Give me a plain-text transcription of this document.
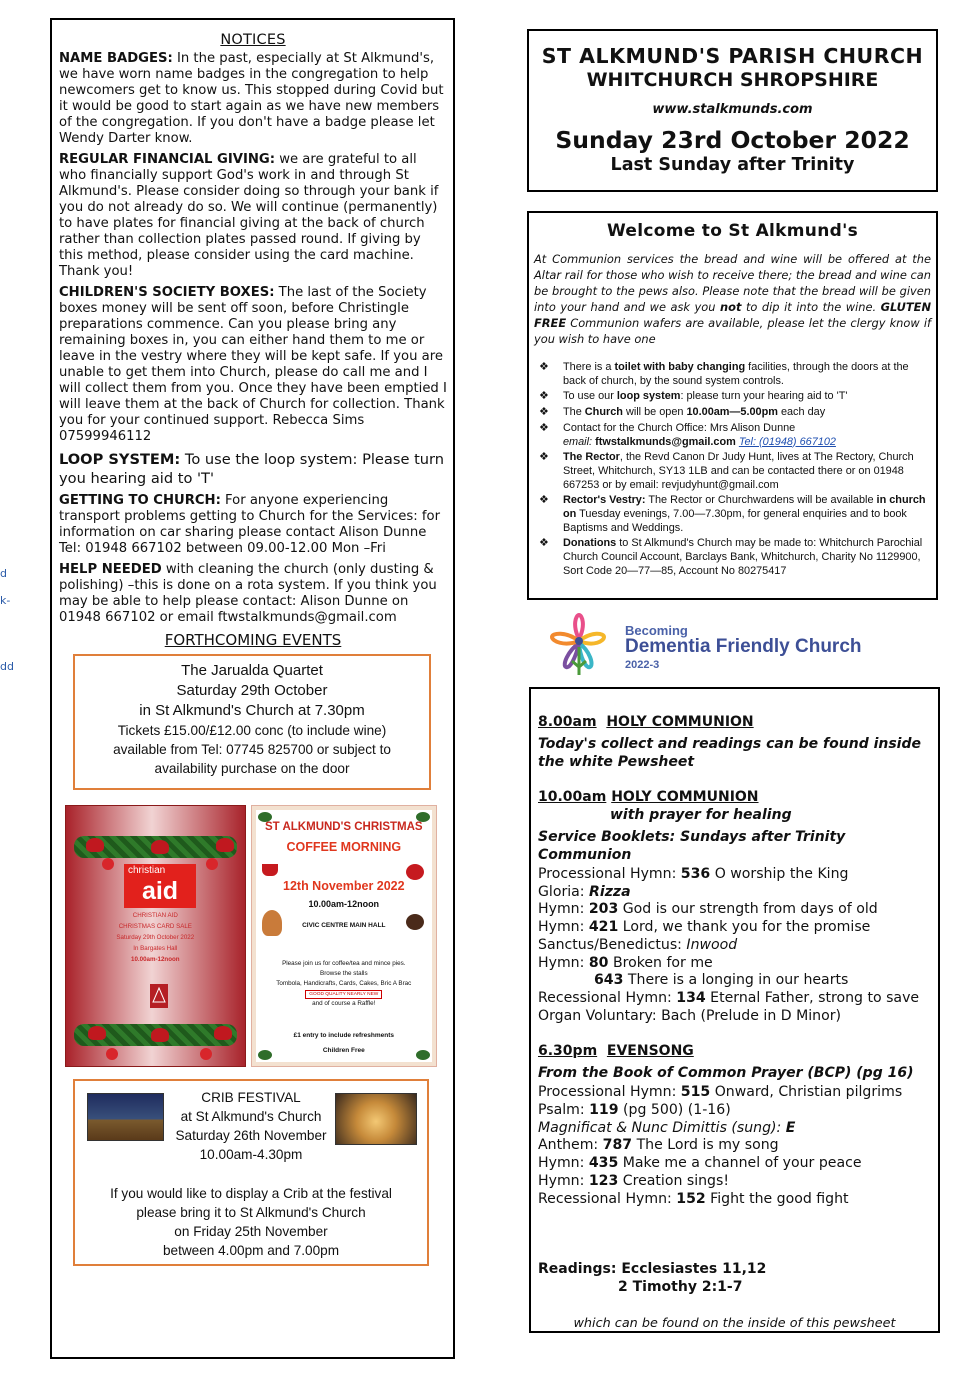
d
k-
dd
NOTICES

NAME BADGES: In the past, especially at St Alkmund's, we have worn name badges in the congregation to help newcomers get to know us. This stopped during Covid but it would be good to start again as we have new members of the congregation. If you don't have a badge please let Wendy Darter know.

REGULAR FINANCIAL GIVING: we are grateful to all who financially support God's work in and through St Alkmund's. Please consider doing so through your bank if you do not already do so. We will continue (permanently) to have plates for financial giving at the back of church rather than collection plates passed round. If giving by this method, please consider using the card machine. Thank you!

CHILDREN'S SOCIETY BOXES: The last of the Society boxes money will be sent off soon, before Christingle preparations commence. Can you please bring any remaining boxes in, you can either hand them to me or leave in the vestry where they will be kept safe. If you are unable to get them into Church, please do call me and I will collect them from you. Once they have been emptied I will leave them at the back of Church for collection. Thank you for your continued support. Rebecca Sims 07599946112

LOOP SYSTEM: To use the loop system: Please turn you hearing aid to 'T'

GETTING TO CHURCH: For anyone experiencing transport problems getting to Church for the Services: for information on car sharing please contact Alison Dunne Tel: 01948 667102 between 09.00-12.00 Mon –Fri

HELP NEEDED with cleaning the church (only dusting & polishing) –this is done on a rota system. If you think you may be able to help please contact: Alison Dunne on 01948 667102 or email ftwstalkmunds@gmail.com

FORTHCOMING EVENTS
The Jarualda Quartet
Saturday 29th October
in St Alkmund's Church at 7.30pm
Tickets £15.00/£12.00 conc (to include wine)
available from Tel: 07745 825700 or subject to
availability purchase on the door
christian
aid
CHRISTIAN AID
CHRISTMAS CARD SALE
Saturday 29th October 2022
In Bargates Hall
10.00am-12noon
ST ALKMUND'S CHRISTMAS
COFFEE MORNING
12th November 2022
10.00am-12noon
CIVIC CENTRE MAIN HALL
Please join us for coffee/tea and mince pies.
Browse the stalls
Tombola, Handicrafts, Cards, Cakes, Bric A Brac
GOOD QUALITY NEARLY NEW
and of course a Raffle!
£1 entry to include refreshments
Children Free
CRIB FESTIVAL
at St Alkmund's Church
Saturday 26th November
10.00am-4.30pm
If you would like to display a Crib at the festival
please bring it to St Alkmund's Church
on Friday 25th November
between 4.00pm and 7.00pm
ST ALKMUND'S PARISH CHURCH
WHITCHURCH SHROPSHIRE
www.stalkmunds.com
Sunday 23rd October 2022
Last Sunday after Trinity
Welcome to St Alkmund's

At Communion services the bread and wine will be offered at the Altar rail for those who wish to receive there; the bread and wine can be brought to the pews also. Please note that the bread will be given into your hand and we ask you not to dip it into the wine. GLUTEN FREE Communion wafers are available, please let the clergy know if you wish to have one

❖ There is a toilet with baby changing facilities, through the doors at the back of church, by the sound system controls.
❖ To use our loop system: please turn your hearing aid to 'T'
❖ The Church will be open 10.00am—5.00pm each day
❖ Contact for the Church Office: Mrs Alison Dunne
email: ftwstalkmunds@gmail.com Tel: (01948) 667102
❖ The Rector, the Revd Canon Dr Judy Hunt, lives at The Rectory, Church Street, Whitchurch, SY13 1LB and can be contacted there or on 01948 667253 or by email: revjudyhunt@gmail.com
❖ Rector's Vestry: The Rector or Churchwardens will be available in church on Tuesday evenings, 7.00—7.30pm, for general enquiries and to book Baptisms and Weddings.
❖ Donations to St Alkmund's Church may be made to: Whitchurch Parochial Church Council Account, Barclays Bank, Whitchurch, Charity No 1129900, Sort Code 20—77—85, Account No 80275417
Becoming
Dementia Friendly Church
2022-3
8.00am HOLY COMMUNION
Today's collect and readings can be found inside the white Pewsheet
10.00am HOLY COMMUNION
with prayer for healing
Service Booklets: Sundays after Trinity Communion
Processional Hymn: 536 O worship the King
Gloria: Rizza
Hymn: 203 God is our strength from days of old
Hymn: 421 Lord, we thank you for the promise
Sanctus/Benedictus: Inwood
Hymn: 80 Broken for me
643 There is a longing in our hearts
Recessional Hymn: 134 Eternal Father, strong to save
Organ Voluntary: Bach (Prelude in D Minor)
6.30pm EVENSONG
From the Book of Common Prayer (BCP) (pg 16)
Processional Hymn: 515 Onward, Christian pilgrims
Psalm: 119 (pg 500) (1-16)
Magnificat & Nunc Dimittis (sung): E
Anthem: 787 The Lord is my song
Hymn: 435 Make me a channel of your peace
Hymn: 123 Creation sings!
Recessional Hymn: 152 Fight the good fight
Readings: Ecclesiastes 11,12
2 Timothy 2:1-7
which can be found on the inside of this pewsheet
